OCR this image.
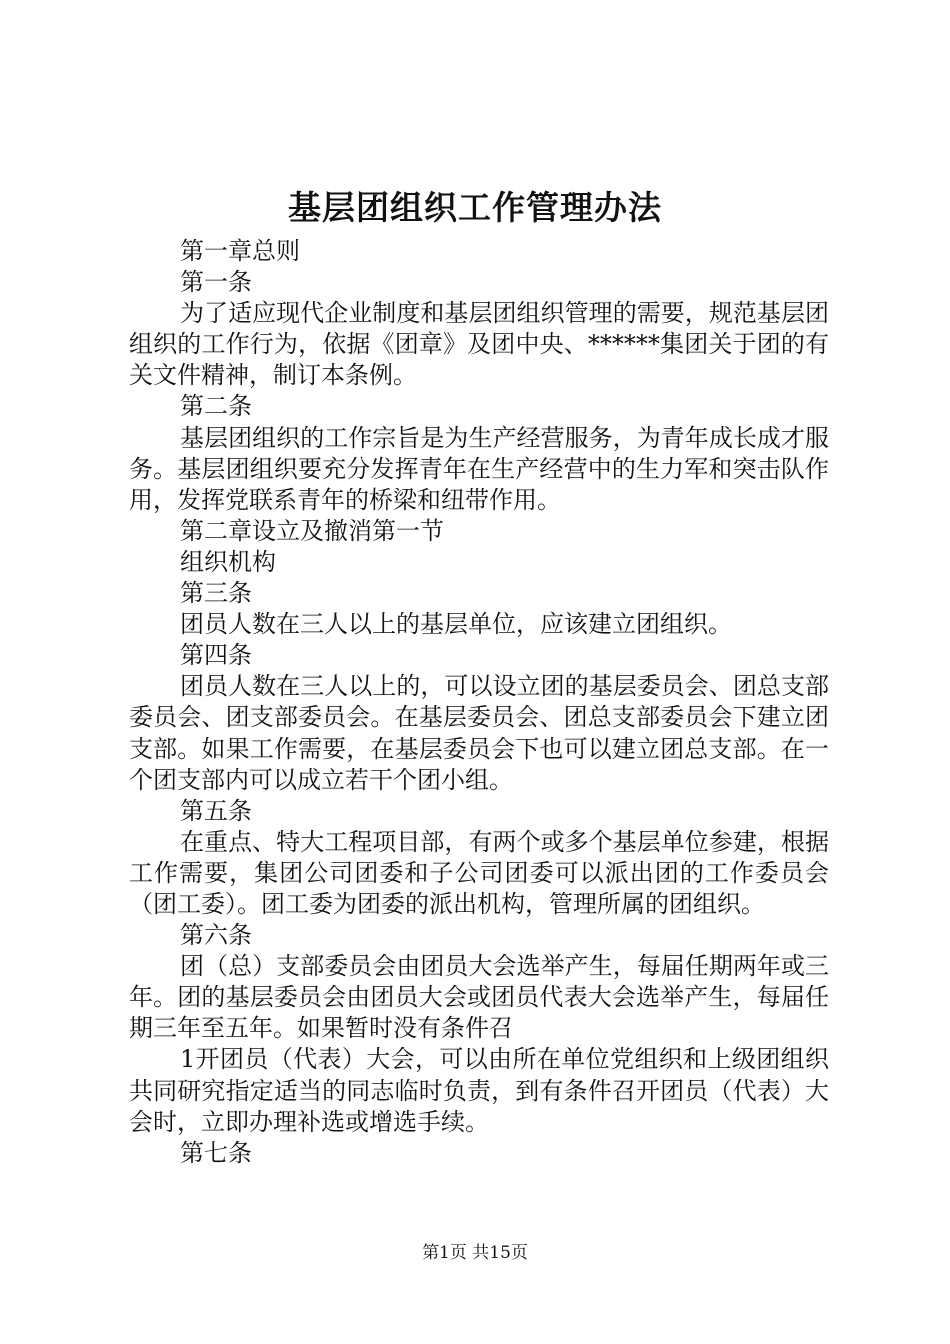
基层团组织工作管理办法

第一章总则

第一条

为了适应现代企业制度和基层团组织管理的需要，规范基层团组织的工作行为，依据《团章》及团中央、******集团关于团的有关文件精神，制订本条例。

第二条

基层团组织的工作宗旨是为生产经营服务，为青年成长成才服务。基层团组织要充分发挥青年在生产经营中的生力军和突击队作用，发挥党联系青年的桥梁和纽带作用。

第二章设立及撤消第一节

组织机构

第三条

团员人数在三人以上的基层单位，应该建立团组织。

第四条

团员人数在三人以上的，可以设立团的基层委员会、团总支部委员会、团支部委员会。在基层委员会、团总支部委员会下建立团支部。如果工作需要，在基层委员会下也可以建立团总支部。在一个团支部内可以成立若干个团小组。

第五条

在重点、特大工程项目部，有两个或多个基层单位参建，根据工作需要，集团公司团委和子公司团委可以派出团的工作委员会（团工委）。团工委为团委的派出机构，管理所属的团组织。

第六条

团（总）支部委员会由团员大会选举产生，每届任期两年或三年。团的基层委员会由团员大会或团员代表大会选举产生，每届任期三年至五年。如果暂时没有条件召

1开团员（代表）大会，可以由所在单位党组织和上级团组织共同研究指定适当的同志临时负责，到有条件召开团员（代表）大会时，立即办理补选或增选手续。

第七条

第1页 共15页
